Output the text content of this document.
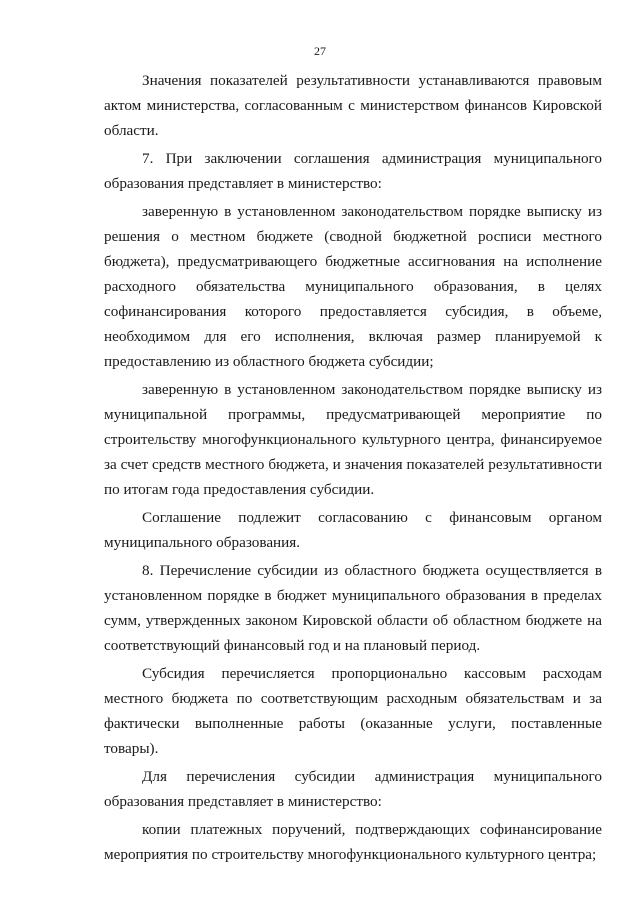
27

Значения показателей результативности устанавливаются правовым актом министерства, согласованным с министерством финансов Кировской области.

7. При заключении соглашения администрация муниципального образования представляет в министерство:

заверенную в установленном законодательством порядке выписку из решения о местном бюджете (сводной бюджетной росписи местного бюджета), предусматривающего бюджетные ассигнования на исполнение расходного обязательства муниципального образования, в целях софинансирования которого предоставляется субсидия, в объеме, необходимом для его исполнения, включая размер планируемой к предоставлению из областного бюджета субсидии;

заверенную в установленном законодательством порядке выписку из муниципальной программы, предусматривающей мероприятие по строительству многофункционального культурного центра, финансируемое за счет средств местного бюджета, и значения показателей результативности по итогам года предоставления субсидии.

Соглашение подлежит согласованию с финансовым органом муниципального образования.

8. Перечисление субсидии из областного бюджета осуществляется в установленном порядке в бюджет муниципального образования в пределах сумм, утвержденных законом Кировской области об областном бюджете на соответствующий финансовый год и на плановый период.

Субсидия перечисляется пропорционально кассовым расходам местного бюджета по соответствующим расходным обязательствам и за фактически выполненные работы (оказанные услуги, поставленные товары).

Для перечисления субсидии администрация муниципального образования представляет в министерство:

копии платежных поручений, подтверждающих софинансирование мероприятия по строительству многофункционального культурного центра;
